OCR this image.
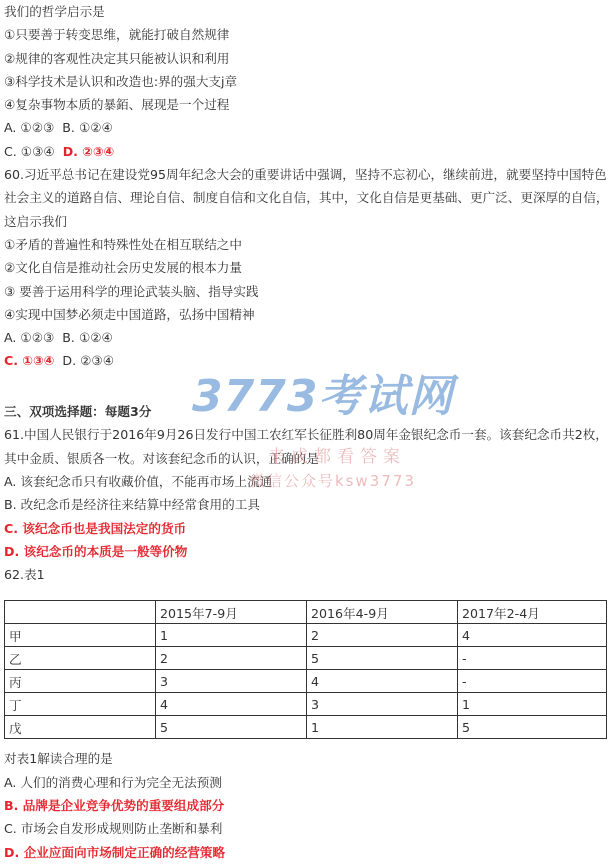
我们的哲学启示是
①只要善于转变思维，就能打破自然规律
②规律的客观性决定其只能被认识和利用
③科学技术是认识和改造也:界的强大支j章
④复杂事物本质的暴銆、展现是一个过程
A. ①②③ B. ①②④
C. ①③④ D. ②③④
60.习近平总书记在建设党95周年纪念大会的重要讲话中强调，坚持不忘初心，继续前进，就要坚持中国特色社会主义的道路自信、理论自信、制度自信和文化自信，其中，文化自信是更基础、更广泛、更深厚的自信，这启示我们
①矛盾的普遍性和特殊性处在相互联结之中
②文化自信是推动社会历史发展的根本力量
③ 要善于运用科学的理论武装头脑、指导实践
④实现中国梦必须走中国道路，弘扬中国精神
A. ①②③ B. ①②④
C. ①③④ D. ②③④
三、双项选择题：每题3分
61.中国人民银行于2016年9月26日发行中国工农红军长征胜利80周年金银纪念币一套。该套纪念币共2枚，其中金质、银质各一枚。对该套纪念币的认识，正确的是
A. 该套纪念币只有收藏价值，不能再市场上流通
B. 改纪念币是经济往来结算中经常食用的工具
C. 该纪念币也是我国法定的货币
D. 该纪念币的本质是一般等价物
62.表1
	2015年7-9月	2016年4-9月	2017年2-4月
甲	1	2	4
乙	2	5	-
丙	3	4	-
丁	4	3	1
戊	5	1	5
对表1解读合理的是
A. 人们的消费心理和行为完全无法预测
B. 品牌是企业竞争优势的重要组成部分
C. 市场会自发形成规则防止垄断和暴利
D. 企业应面向市场制定正确的经营策略
3773考试网
来成都看答案
微信公众号ksw3773
